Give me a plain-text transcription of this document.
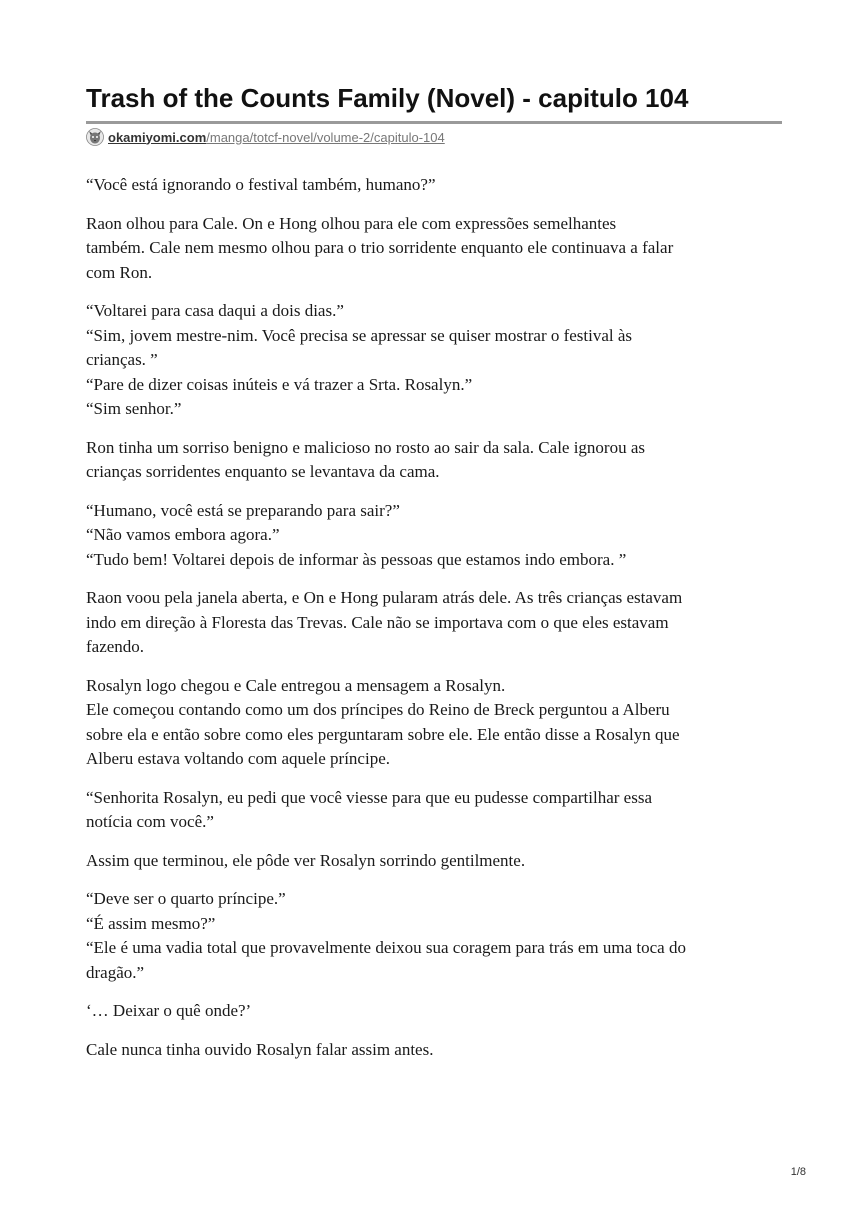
Trash of the Counts Family (Novel) - capitulo 104
okamiyomi.com /manga/totcf-novel/volume-2/capitulo-104

“Você está ignorando o festival também, humano?”

Raon olhou para Cale. On e Hong olhou para ele com expressões semelhantes
também. Cale nem mesmo olhou para o trio sorridente enquanto ele continuava a falar
com Ron.

“Voltarei para casa daqui a dois dias.”
“Sim, jovem mestre-nim. Você precisa se apressar se quiser mostrar o festival às
crianças. ”
“Pare de dizer coisas inúteis e vá trazer a Srta. Rosalyn.”
“Sim senhor.”

Ron tinha um sorriso benigno e malicioso no rosto ao sair da sala. Cale ignorou as
crianças sorridentes enquanto se levantava da cama.

“Humano, você está se preparando para sair?”
“Não vamos embora agora.”
“Tudo bem! Voltarei depois de informar às pessoas que estamos indo embora. ”

Raon voou pela janela aberta, e On e Hong pularam atrás dele. As três crianças estavam
indo em direção à Floresta das Trevas. Cale não se importava com o que eles estavam
fazendo.

Rosalyn logo chegou e Cale entregou a mensagem a Rosalyn.
Ele começou contando como um dos príncipes do Reino de Breck perguntou a Alberu
sobre ela e então sobre como eles perguntaram sobre ele. Ele então disse a Rosalyn que
Alberu estava voltando com aquele príncipe.

“Senhorita Rosalyn, eu pedi que você viesse para que eu pudesse compartilhar essa
notícia com você.”

Assim que terminou, ele pôde ver Rosalyn sorrindo gentilmente.

“Deve ser o quarto príncipe.”
“É assim mesmo?”
“Ele é uma vadia total que provavelmente deixou sua coragem para trás em uma toca do
dragão.”

‘… Deixar o quê onde?’

Cale nunca tinha ouvido Rosalyn falar assim antes.

1/8
